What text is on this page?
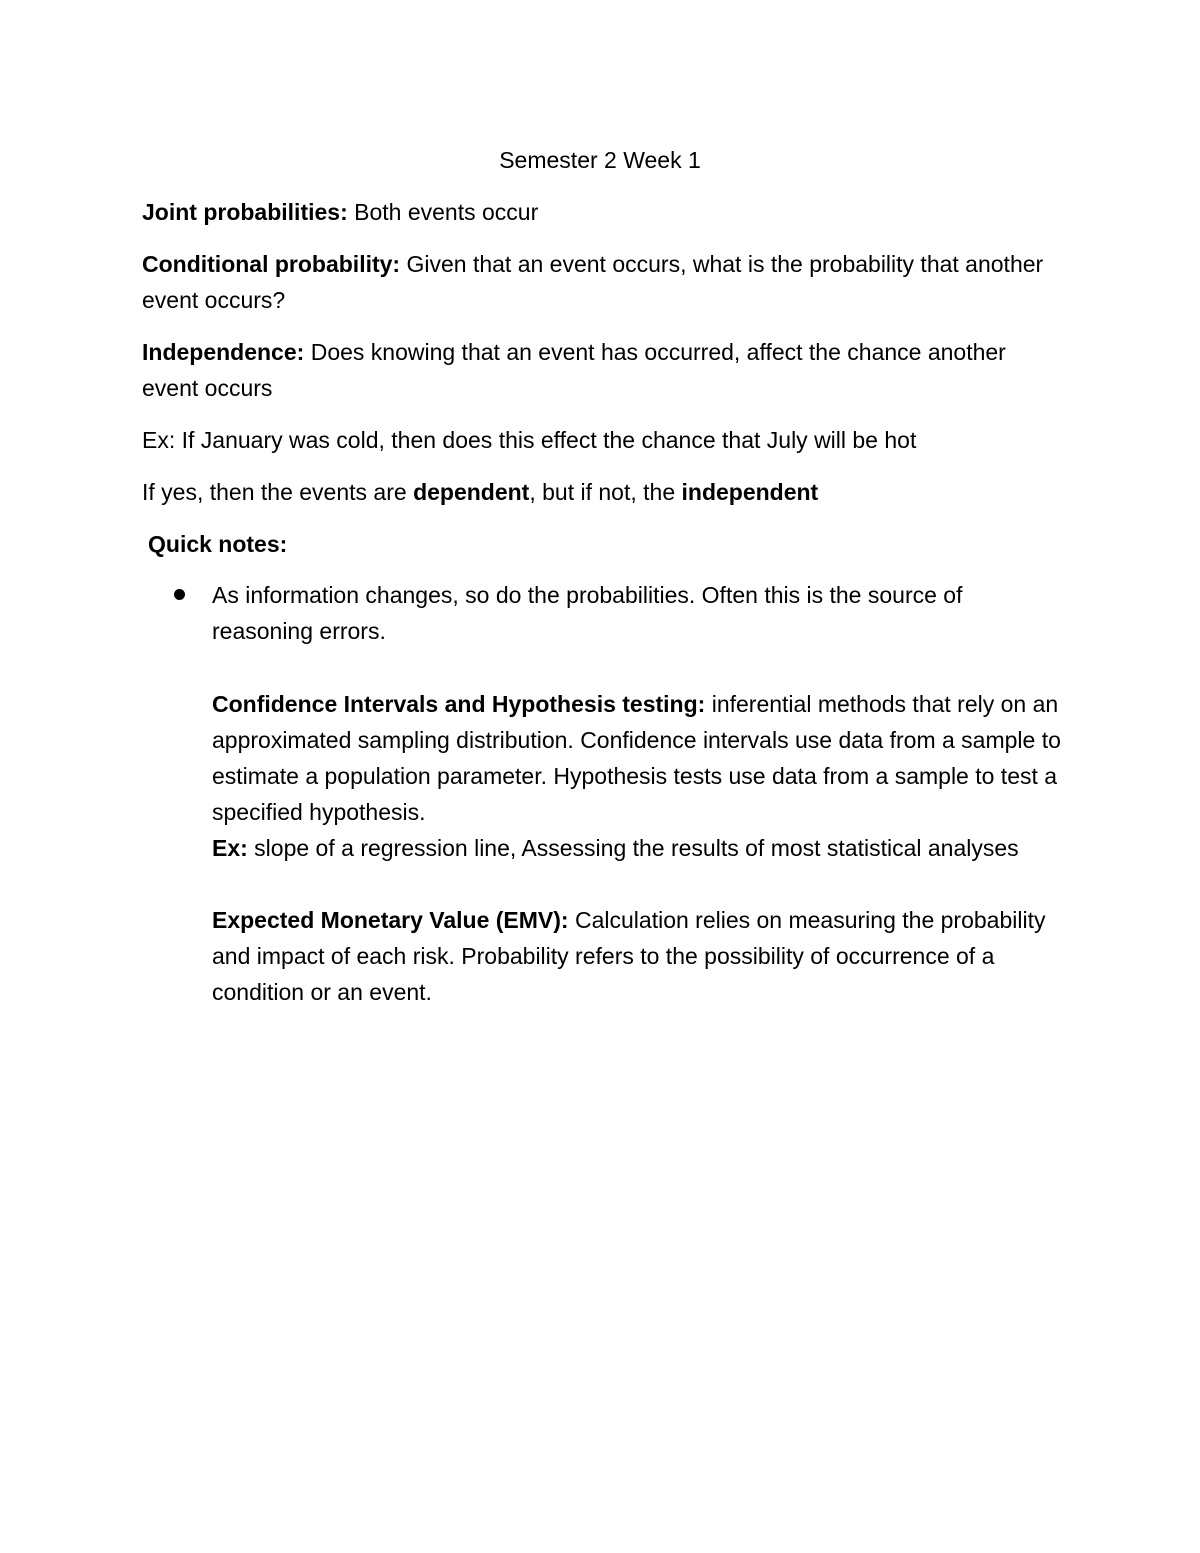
Semester 2 Week 1
Joint probabilities: Both events occur
Conditional probability: Given that an event occurs, what is the probability that another event occurs?
Independence: Does knowing that an event has occurred, affect the chance another event occurs
Ex: If January was cold, then does this effect the chance that July will be hot
If yes, then the events are dependent, but if not, the independent
Quick notes:
As information changes, so do the probabilities. Often this is the source of reasoning errors.
Confidence Intervals and Hypothesis testing: inferential methods that rely on an approximated sampling distribution. Confidence intervals use data from a sample to estimate a population parameter. Hypothesis tests use data from a sample to test a specified hypothesis.
Ex: slope of a regression line, Assessing the results of most statistical analyses
Expected Monetary Value (EMV): Calculation relies on measuring the probability and impact of each risk. Probability refers to the possibility of occurrence of a condition or an event.
